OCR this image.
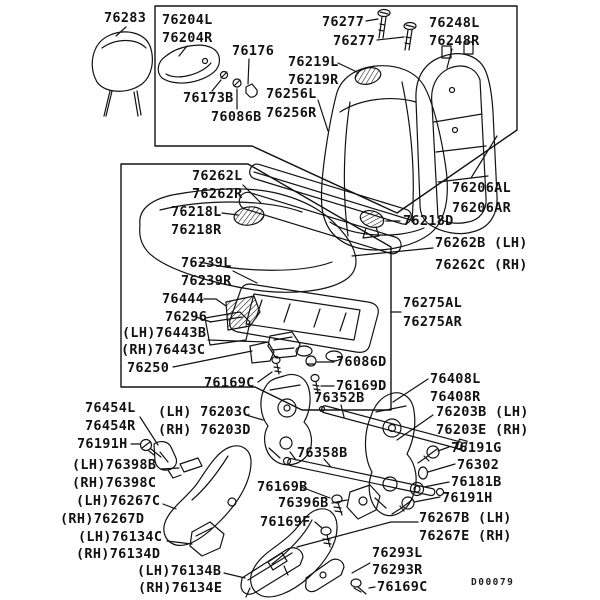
76283 76204L
76204R
76176
76173B
76086B
76277
76277
76248L
76248R
76219L
76219R
76256L
76256R
76206AL
76206AR
76262L
76262R
76218L
76218R
76218D
76262B (LH)
76262C (RH)
76239L
76239R
76444
76296
(LH)76443B
(RH)76443C
76250
76169C
76086D
76169D
76275AL
76275AR
76408L
76408R
76203B (LH)
76203E (RH)
76191G
76302
76181B
76191H
76267B (LH)
76267E (RH)
76293L
76293R
76169C	D00079
76454L
76454R
76191H
(LH)76398B
(RH)76398C
(LH)76267C
(RH)76267D
(LH)76134C
(RH)76134D
(LH)76134B
(RH)76134E
(LH) 76203C
(RH) 76203D
76352B
76358B
76169B
76396B
76169F
